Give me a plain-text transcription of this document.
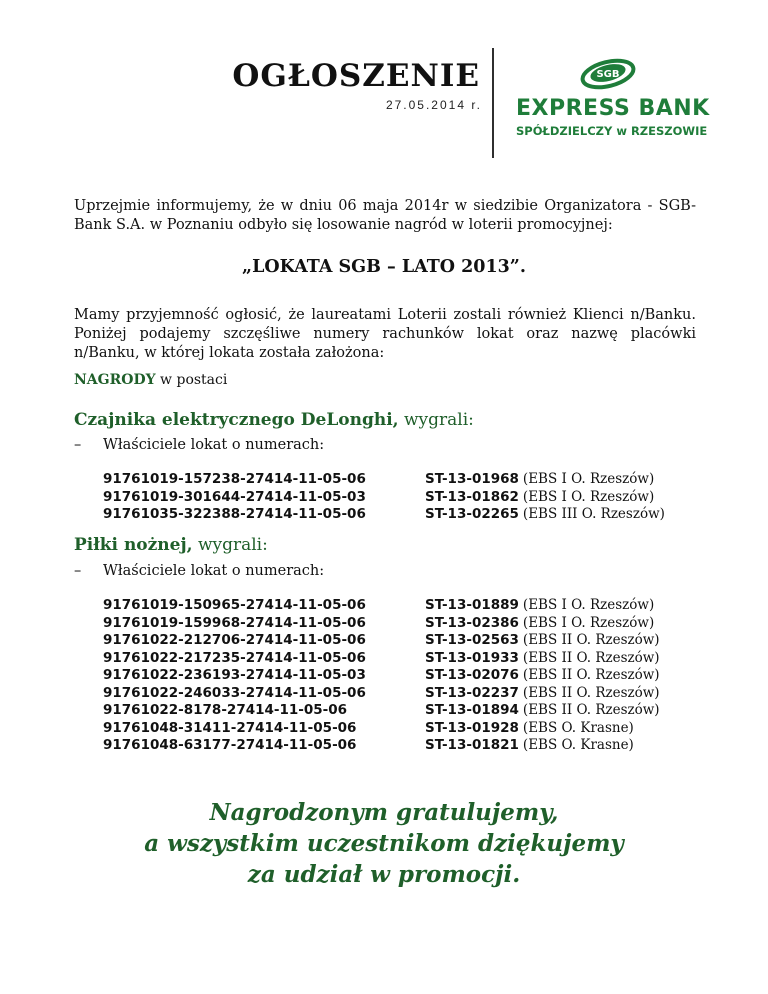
OGŁOSZENIE
27.05.2014 r.
SGB
EXPRESS BANK
SPÓŁDZIELCZY w RZESZOWIE

Uprzejmie informujemy, że w dniu 06 maja 2014r w siedzibie Organizatora - SGB-Bank S.A. w Poznaniu odbyło się losowanie nagród w loterii promocyjnej:

„LOKATA SGB – LATO 2013”.

Mamy przyjemność ogłosić, że laureatami Loterii zostali również Klienci n/Banku. Poniżej podajemy szczęśliwe numery rachunków lokat oraz nazwę placówki n/Banku, w której lokata została założona:

NAGRODY w postaci

Czajnika elektrycznego DeLonghi, wygrali:

– Właściciele lokat o numerach:

91761019-157238-27414-11-05-06	ST-13-01968 (EBS I O. Rzeszów)
91761019-301644-27414-11-05-03	ST-13-01862 (EBS I O. Rzeszów)
91761035-322388-27414-11-05-06	ST-13-02265 (EBS III O. Rzeszów)

Piłki nożnej, wygrali:

– Właściciele lokat o numerach:

91761019-150965-27414-11-05-06	ST-13-01889 (EBS I O. Rzeszów)
91761019-159968-27414-11-05-06	ST-13-02386 (EBS I O. Rzeszów)
91761022-212706-27414-11-05-06	ST-13-02563 (EBS II O. Rzeszów)
91761022-217235-27414-11-05-06	ST-13-01933 (EBS II O. Rzeszów)
91761022-236193-27414-11-05-03	ST-13-02076 (EBS II O. Rzeszów)
91761022-246033-27414-11-05-06	ST-13-02237 (EBS II O. Rzeszów)
91761022-8178-27414-11-05-06	ST-13-01894 (EBS II O. Rzeszów)
91761048-31411-27414-11-05-06	ST-13-01928 (EBS O. Krasne)
91761048-63177-27414-11-05-06	ST-13-01821 (EBS O. Krasne)
Nagrodzonym gratulujemy,
a wszystkim uczestnikom dziękujemy
za udział w promocji.
